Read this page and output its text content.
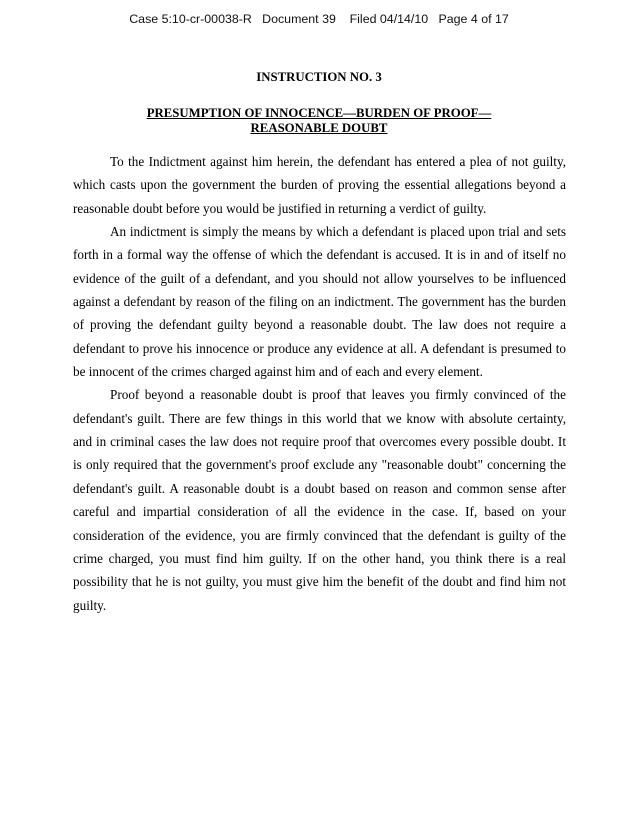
Case 5:10-cr-00038-R   Document 39    Filed 04/14/10   Page 4 of 17
INSTRUCTION NO. 3
PRESUMPTION OF INNOCENCE—BURDEN OF PROOF—
REASONABLE DOUBT

To the Indictment against him herein, the defendant has entered a plea of not guilty, which casts upon the government the burden of proving the essential allegations beyond a reasonable doubt before you would be justified in returning a verdict of guilty.

An indictment is simply the means by which a defendant is placed upon trial and sets forth in a formal way the offense of which the defendant is accused. It is in and of itself no evidence of the guilt of a defendant, and you should not allow yourselves to be influenced against a defendant by reason of the filing on an indictment. The government has the burden of proving the defendant guilty beyond a reasonable doubt. The law does not require a defendant to prove his innocence or produce any evidence at all. A defendant is presumed to be innocent of the crimes charged against him and of each and every element.

Proof beyond a reasonable doubt is proof that leaves you firmly convinced of the defendant's guilt. There are few things in this world that we know with absolute certainty, and in criminal cases the law does not require proof that overcomes every possible doubt. It is only required that the government's proof exclude any "reasonable doubt" concerning the defendant's guilt. A reasonable doubt is a doubt based on reason and common sense after careful and impartial consideration of all the evidence in the case. If, based on your consideration of the evidence, you are firmly convinced that the defendant is guilty of the crime charged, you must find him guilty. If on the other hand, you think there is a real possibility that he is not guilty, you must give him the benefit of the doubt and find him not guilty.
